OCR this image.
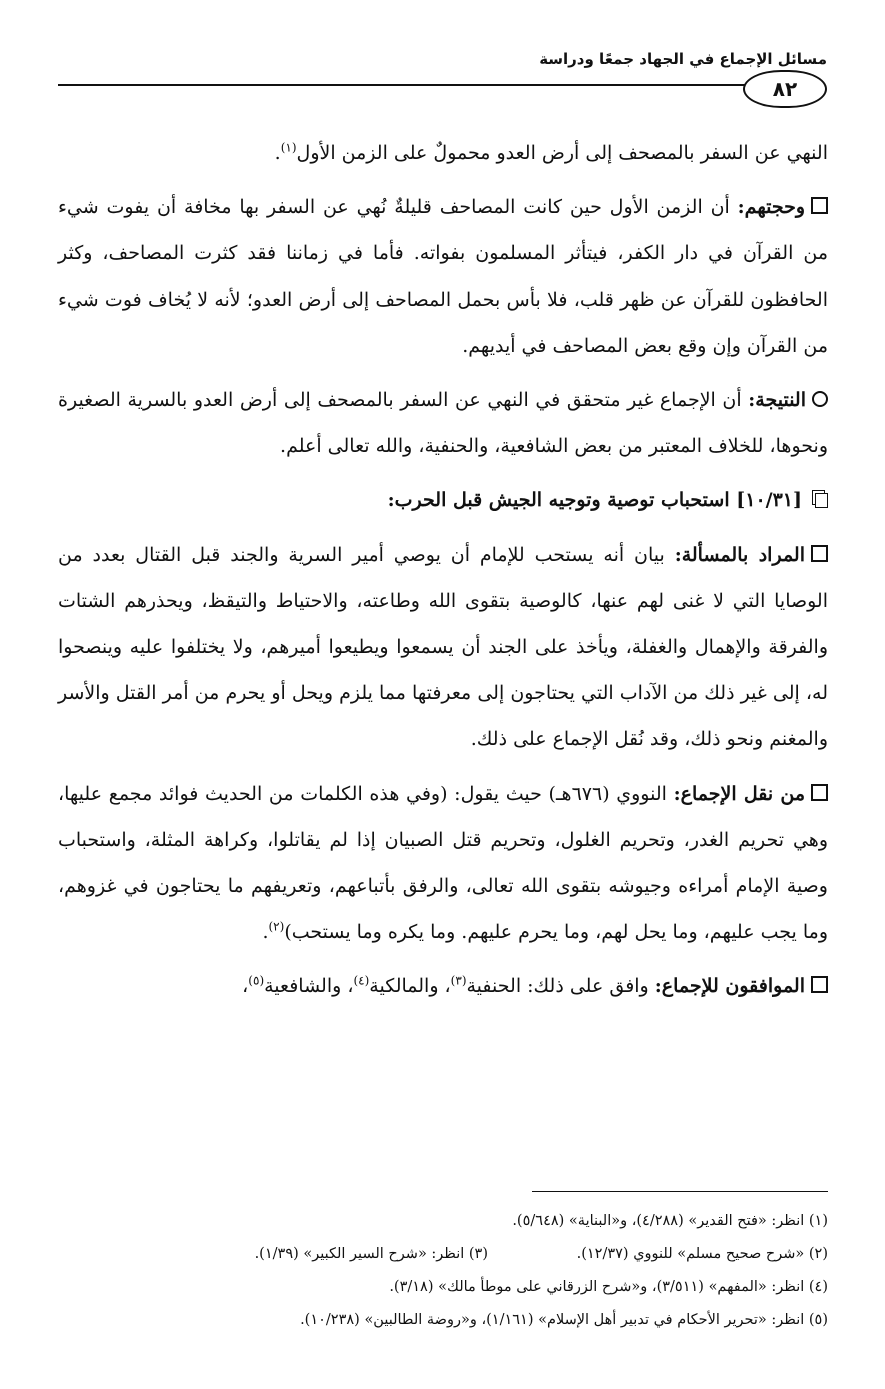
مسائل الإجماع في الجهاد جمعًا ودراسة
٨٢

النهي عن السفر بالمصحف إلى أرض العدو محمولٌ على الزمن الأول$^{(١)}$.

وحجتهم: أن الزمن الأول حين كانت المصاحف قليلةٌ نُهي عن السفر بها مخافة أن يفوت شيء من القرآن في دار الكفر، فيتأثر المسلمون بفواته. فأما في زماننا فقد كثرت المصاحف، وكثر الحافظون للقرآن عن ظهر قلب، فلا بأس بحمل المصاحف إلى أرض العدو؛ لأنه لا يُخاف فوت شيء من القرآن وإن وقع بعض المصاحف في أيديهم.

النتيجة: أن الإجماع غير متحقق في النهي عن السفر بالمصحف إلى أرض العدو بالسرية الصغيرة ونحوها، للخلاف المعتبر من بعض الشافعية، والحنفية، والله تعالى أعلم.

[١٠/٣١] استحباب توصية وتوجيه الجيش قبل الحرب:

المراد بالمسألة: بيان أنه يستحب للإمام أن يوصي أمير السرية والجند قبل القتال بعدد من الوصايا التي لا غنى لهم عنها، كالوصية بتقوى الله وطاعته، والاحتياط والتيقظ، ويحذرهم الشتات والفرقة والإهمال والغفلة، ويأخذ على الجند أن يسمعوا ويطيعوا أميرهم، ولا يختلفوا عليه وينصحوا له، إلى غير ذلك من الآداب التي يحتاجون إلى معرفتها مما يلزم ويحل أو يحرم من أمر القتل والأسر والمغنم ونحو ذلك، وقد نُقل الإجماع على ذلك.

من نقل الإجماع: النووي (٦٧٦هـ) حيث يقول: (وفي هذه الكلمات من الحديث فوائد مجمع عليها، وهي تحريم الغدر، وتحريم الغلول، وتحريم قتل الصبيان إذا لم يقاتلوا، وكراهة المثلة، واستحباب وصية الإمام أمراءه وجيوشه بتقوى الله تعالى، والرفق بأتباعهم، وتعريفهم ما يحتاجون في غزوهم، وما يجب عليهم، وما يحل لهم، وما يحرم عليهم. وما يكره وما يستحب)$^{(٢)}$.

الموافقون للإجماع: وافق على ذلك: الحنفية$^{(٣)}$، والمالكية$^{(٤)}$، والشافعية$^{(٥)}$،

(١) انظر: «فتح القدير» (٤/٢٨٨)، و«البناية» (٥/٦٤٨).
(٢) «شرح صحيح مسلم» للنووي (١٢/٣٧).
(٣) انظر: «شرح السير الكبير» (١/٣٩).
(٤) انظر: «المفهم» (٣/٥١١)، و«شرح الزرقاني على موطأ مالك» (٣/١٨).
(٥) انظر: «تحرير الأحكام في تدبير أهل الإسلام» (١/١٦١)، و«روضة الطالبين» (١٠/٢٣٨).
